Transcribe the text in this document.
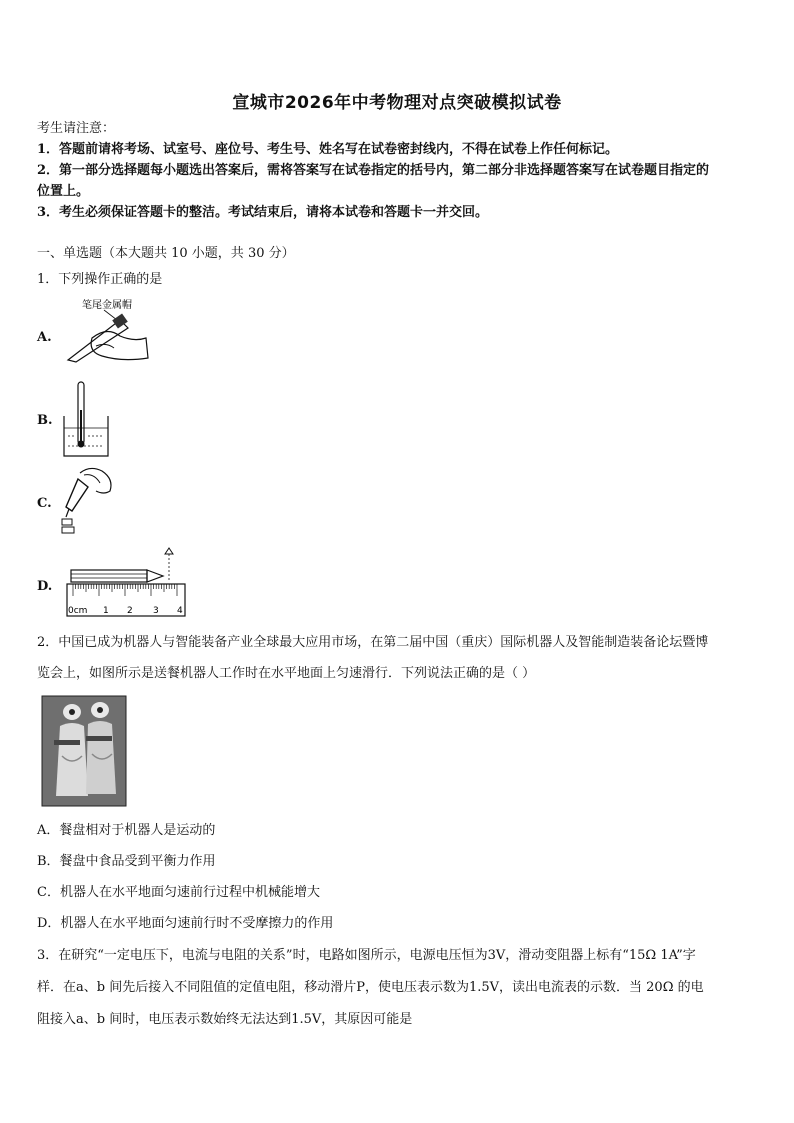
宣城市2026年中考物理对点突破模拟试卷
考生请注意：
1．答题前请将考场、试室号、座位号、考生号、姓名写在试卷密封线内，不得在试卷上作任何标记。
2．第一部分选择题每小题选出答案后，需将答案写在试卷指定的括号内，第二部分非选择题答案写在试卷题目指定的
位置上。
3．考生必须保证答题卡的整洁。考试结束后，请将本试卷和答题卡一并交回。
一、单选题（本大题共 10 小题，共 30 分）
1．下列操作正确的是
A.
笔尾金属帽
B.
C.
D.
0cm 1 2 3 4
2．中国已成为机器人与智能装备产业全球最大应用市场，在第二届中国（重庆）国际机器人及智能制造装备论坛暨博
览会上，如图所示是送餐机器人工作时在水平地面上匀速滑行．下列说法正确的是（ ）
A．餐盘相对于机器人是运动的
B．餐盘中食品受到平衡力作用
C．机器人在水平地面匀速前行过程中机械能增大
D．机器人在水平地面匀速前行时不受摩擦力的作用
3．在研究“一定电压下，电流与电阻的关系”时，电路如图所示，电源电压恒为3V，滑动变阻器上标有“15Ω 1A”字
样．在a、b 间先后接入不同阻值的定值电阻，移动滑片P，使电压表示数为1.5V，读出电流表的示数．当 20Ω 的电
阻接入a、b 间时，电压表示数始终无法达到1.5V，其原因可能是
